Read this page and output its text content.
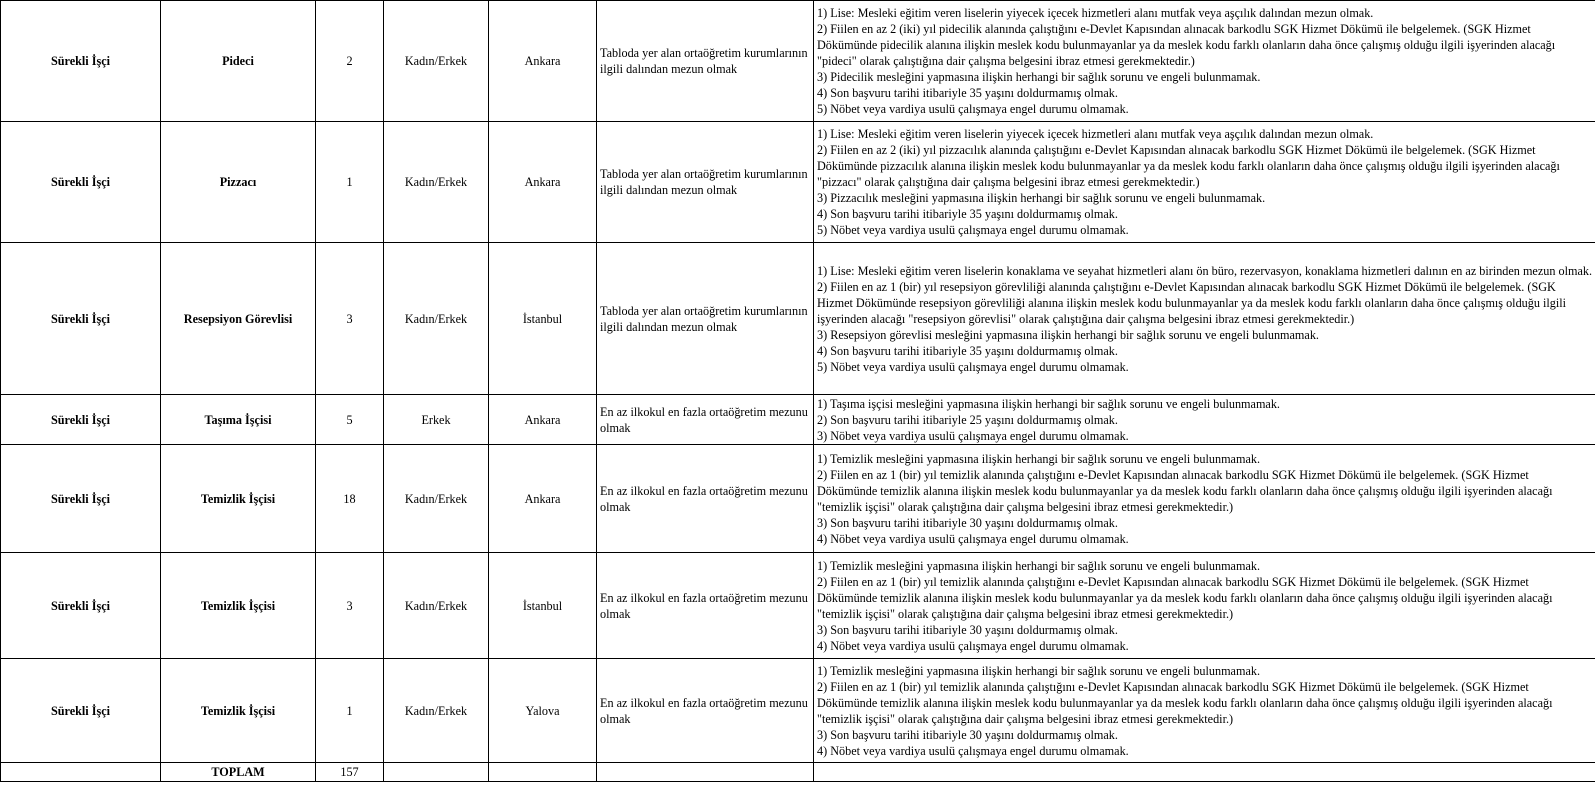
Sürekli İşçi	Pideci	2	Kadın/Erkek	Ankara	Tabloda yer alan ortaöğretim kurumlarının ilgili dalından mezun olmak	1) Lise: Mesleki eğitim veren liselerin yiyecek içecek hizmetleri alanı mutfak veya aşçılık dalından mezun olmak.
2) Fiilen en az 2 (iki) yıl pidecilik alanında çalıştığını e-Devlet Kapısından alınacak barkodlu SGK Hizmet Dökümü ile belgelemek. (SGK Hizmet Dökümünde pidecilik alanına ilişkin meslek kodu bulunmayanlar ya da meslek kodu farklı olanların daha önce çalışmış olduğu ilgili işyerinden alacağı "pideci" olarak çalıştığına dair çalışma belgesini ibraz etmesi gerekmektedir.)
3) Pidecilik mesleğini yapmasına ilişkin herhangi bir sağlık sorunu ve engeli bulunmamak.
4) Son başvuru tarihi itibariyle 35 yaşını doldurmamış olmak.
5) Nöbet veya vardiya usulü çalışmaya engel durumu olmamak.

Sürekli İşçi	Pizzacı	1	Kadın/Erkek	Ankara	Tabloda yer alan ortaöğretim kurumlarının ilgili dalından mezun olmak	1) Lise: Mesleki eğitim veren liselerin yiyecek içecek hizmetleri alanı mutfak veya aşçılık dalından mezun olmak.
2) Fiilen en az 2 (iki) yıl pizzacılık alanında çalıştığını e-Devlet Kapısından alınacak barkodlu SGK Hizmet Dökümü ile belgelemek. (SGK Hizmet Dökümünde pizzacılık alanına ilişkin meslek kodu bulunmayanlar ya da meslek kodu farklı olanların daha önce çalışmış olduğu ilgili işyerinden alacağı "pizzacı" olarak çalıştığına dair çalışma belgesini ibraz etmesi gerekmektedir.)
3) Pizzacılık mesleğini yapmasına ilişkin herhangi bir sağlık sorunu ve engeli bulunmamak.
4) Son başvuru tarihi itibariyle 35 yaşını doldurmamış olmak.
5) Nöbet veya vardiya usulü çalışmaya engel durumu olmamak.

Sürekli İşçi	Resepsiyon Görevlisi	3	Kadın/Erkek	İstanbul	Tabloda yer alan ortaöğretim kurumlarının ilgili dalından mezun olmak	1) Lise: Mesleki eğitim veren liselerin konaklama ve seyahat hizmetleri alanı ön büro, rezervasyon, konaklama hizmetleri dalının en az birinden mezun olmak.
2) Fiilen en az 1 (bir) yıl resepsiyon görevliliği alanında çalıştığını e-Devlet Kapısından alınacak barkodlu SGK Hizmet Dökümü ile belgelemek. (SGK Hizmet Dökümünde resepsiyon görevliliği alanına ilişkin meslek kodu bulunmayanlar ya da meslek kodu farklı olanların daha önce çalışmış olduğu ilgili işyerinden alacağı "resepsiyon görevlisi" olarak çalıştığına dair çalışma belgesini ibraz etmesi gerekmektedir.)
3) Resepsiyon görevlisi mesleğini yapmasına ilişkin herhangi bir sağlık sorunu ve engeli bulunmamak.
4) Son başvuru tarihi itibariyle 35 yaşını doldurmamış olmak.
5) Nöbet veya vardiya usulü çalışmaya engel durumu olmamak.

Sürekli İşçi	Taşıma İşçisi	5	Erkek	Ankara	En az ilkokul en fazla ortaöğretim mezunu olmak	1) Taşıma işçisi mesleğini yapmasına ilişkin herhangi bir sağlık sorunu ve engeli bulunmamak.
2) Son başvuru tarihi itibariyle 25 yaşını doldurmamış olmak.
3) Nöbet veya vardiya usulü çalışmaya engel durumu olmamak.

Sürekli İşçi	Temizlik İşçisi	18	Kadın/Erkek	Ankara	En az ilkokul en fazla ortaöğretim mezunu olmak	1) Temizlik mesleğini yapmasına ilişkin herhangi bir sağlık sorunu ve engeli bulunmamak.
2) Fiilen en az 1 (bir) yıl temizlik alanında çalıştığını e-Devlet Kapısından alınacak barkodlu SGK Hizmet Dökümü ile belgelemek. (SGK Hizmet Dökümünde temizlik alanına ilişkin meslek kodu bulunmayanlar ya da meslek kodu farklı olanların daha önce çalışmış olduğu ilgili işyerinden alacağı "temizlik işçisi" olarak çalıştığına dair çalışma belgesini ibraz etmesi gerekmektedir.)
3) Son başvuru tarihi itibariyle 30 yaşını doldurmamış olmak.
4) Nöbet veya vardiya usulü çalışmaya engel durumu olmamak.

Sürekli İşçi	Temizlik İşçisi	3	Kadın/Erkek	İstanbul	En az ilkokul en fazla ortaöğretim mezunu olmak	1) Temizlik mesleğini yapmasına ilişkin herhangi bir sağlık sorunu ve engeli bulunmamak.
2) Fiilen en az 1 (bir) yıl temizlik alanında çalıştığını e-Devlet Kapısından alınacak barkodlu SGK Hizmet Dökümü ile belgelemek. (SGK Hizmet Dökümünde temizlik alanına ilişkin meslek kodu bulunmayanlar ya da meslek kodu farklı olanların daha önce çalışmış olduğu ilgili işyerinden alacağı "temizlik işçisi" olarak çalıştığına dair çalışma belgesini ibraz etmesi gerekmektedir.)
3) Son başvuru tarihi itibariyle 30 yaşını doldurmamış olmak.
4) Nöbet veya vardiya usulü çalışmaya engel durumu olmamak.

Sürekli İşçi	Temizlik İşçisi	1	Kadın/Erkek	Yalova	En az ilkokul en fazla ortaöğretim mezunu olmak	1) Temizlik mesleğini yapmasına ilişkin herhangi bir sağlık sorunu ve engeli bulunmamak.
2) Fiilen en az 1 (bir) yıl temizlik alanında çalıştığını e-Devlet Kapısından alınacak barkodlu SGK Hizmet Dökümü ile belgelemek. (SGK Hizmet Dökümünde temizlik alanına ilişkin meslek kodu bulunmayanlar ya da meslek kodu farklı olanların daha önce çalışmış olduğu ilgili işyerinden alacağı "temizlik işçisi" olarak çalıştığına dair çalışma belgesini ibraz etmesi gerekmektedir.)
3) Son başvuru tarihi itibariyle 30 yaşını doldurmamış olmak.
4) Nöbet veya vardiya usulü çalışmaya engel durumu olmamak.

	TOPLAM	157				
